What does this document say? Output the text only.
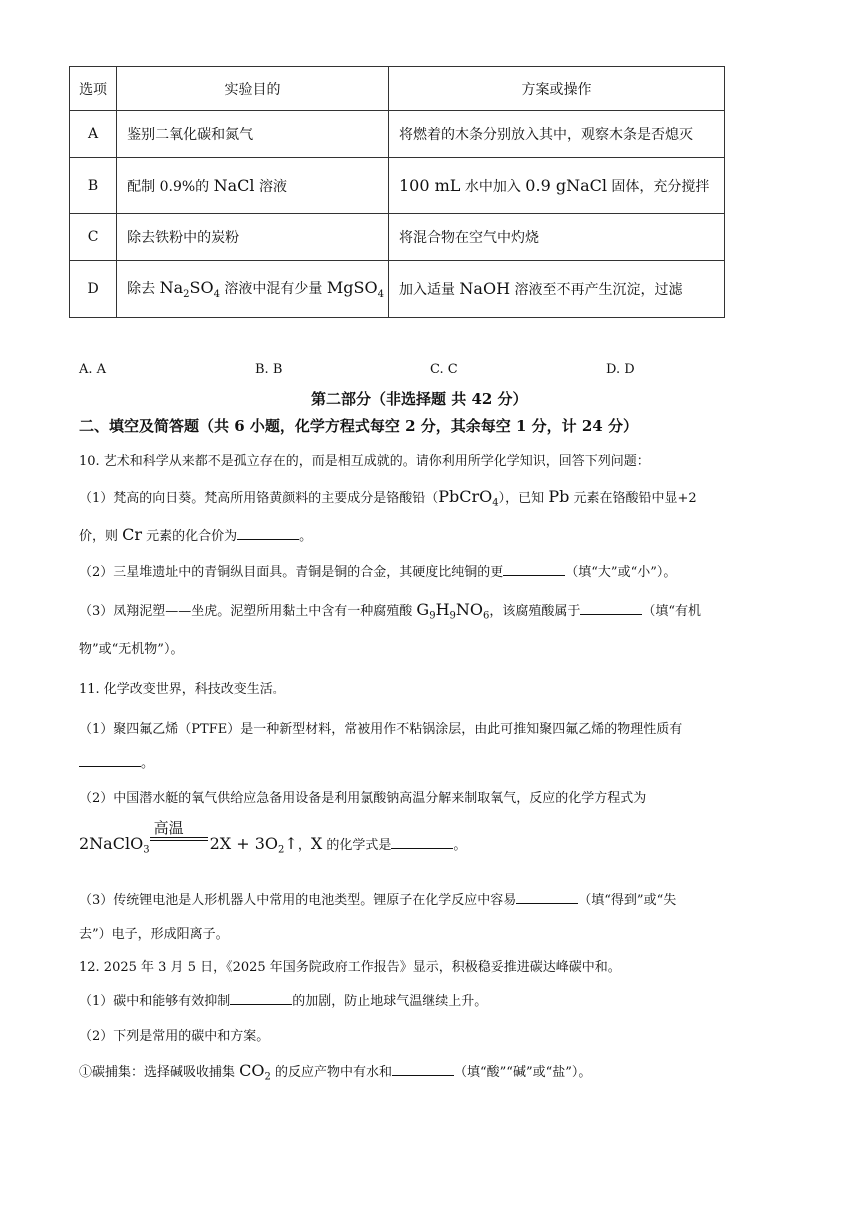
选项	实验目的	方案或操作
A	鉴别二氧化碳和氮气	将燃着的木条分别放入其中，观察木条是否熄灭
B	配制 0.9%的 NaCl 溶液	100 mL 水中加入 0.9 gNaCl 固体，充分搅拌
C	除去铁粉中的炭粉	将混合物在空气中灼烧
D	除去 $Na_2SO_4$ 溶液中混有少量 MgSO$_4$	加入适量 NaOH 溶液至不再产生沉淀，过滤
A. A	B. B	C. C	D. D
第二部分（非选择题 共 42 分）
二、填空及简答题（共 6 小题，化学方程式每空 2 分，其余每空 1 分，计 24 分）
10. 艺术和科学从来都不是孤立存在的，而是相互成就的。请你利用所学化学知识，回答下列问题：
（1）梵高的向日葵。梵高所用铬黄颜料的主要成分是铬酸铅（PbCrO$_4$），已知 Pb 元素在铬酸铅中显+2
价，则 Cr 元素的化合价为	。
（2）三星堆遗址中的青铜纵目面具。青铜是铜的合金，其硬度比纯铜的更	（填“大”或“小”）。
（3）凤翔泥塑——坐虎。泥塑所用黏土中含有一种腐殖酸 $G_9H_9NO_6$，该腐殖酸属于	（填“有机
物”或“无机物”）。
11. 化学改变世界，科技改变生活。
（1）聚四氟乙烯（PTFE）是一种新型材料，常被用作不粘锅涂层，由此可推知聚四氟乙烯的物理性质有
。
（2）中国潜水艇的氧气供给应急备用设备是利用氯酸钠高温分解来制取氧气，反应的化学方程式为
2NaClO$_3$
高温
$2X + 3O_2↑$，X 的化学式是	。
（3）传统锂电池是人形机器人中常用的电池类型。锂原子在化学反应中容易	（填“得到”或“失
去”）电子，形成阳离子。
12. 2025 年 3 月 5 日，《2025 年国务院政府工作报告》显示，积极稳妥推进碳达峰碳中和。
（1）碳中和能够有效抑制	的加剧，防止地球气温继续上升。
（2）下列是常用的碳中和方案。
①碳捕集：选择碱吸收捕集 $CO_2$ 的反应产物中有水和	（填“酸”“碱”或“盐”）。
